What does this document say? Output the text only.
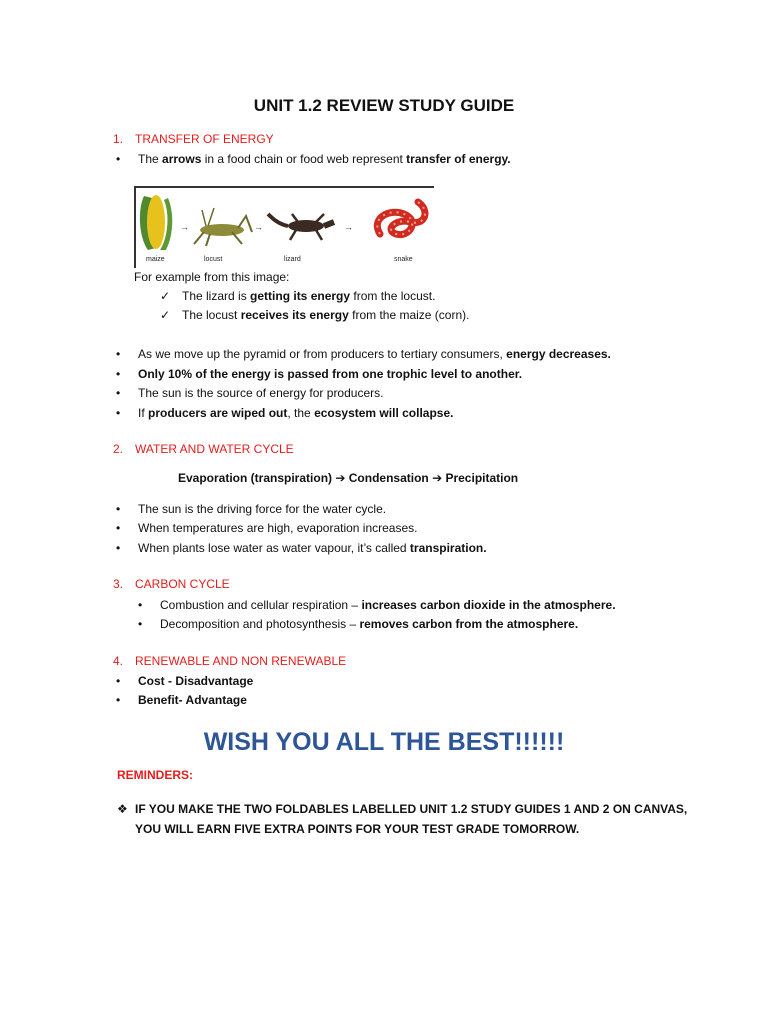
UNIT 1.2 REVIEW STUDY GUIDE
1. TRANSFER OF ENERGY
• The arrows in a food chain or food web represent transfer of energy.
→	→	→
maize	locust	lizard	snake
For example from this image:
✓ The lizard is getting its energy from the locust.
✓ The locust receives its energy from the maize (corn).
• As we move up the pyramid or from producers to tertiary consumers, energy decreases.
• Only 10% of the energy is passed from one trophic level to another.
• The sun is the source of energy for producers.
• If producers are wiped out, the ecosystem will collapse.
2. WATER AND WATER CYCLE
Evaporation (transpiration) ➔ Condensation ➔ Precipitation
• The sun is the driving force for the water cycle.
• When temperatures are high, evaporation increases.
• When plants lose water as water vapour, it’s called transpiration.
3. CARBON CYCLE
• Combustion and cellular respiration – increases carbon dioxide in the atmosphere.
• Decomposition and photosynthesis – removes carbon from the atmosphere.
4. RENEWABLE AND NON RENEWABLE
• Cost - Disadvantage
• Benefit- Advantage
WISH YOU ALL THE BEST!!!!!!
REMINDERS:
❖ IF YOU MAKE THE TWO FOLDABLES LABELLED UNIT 1.2 STUDY GUIDES 1 AND 2 ON CANVAS, YOU WILL EARN FIVE EXTRA POINTS FOR YOUR TEST GRADE TOMORROW.
